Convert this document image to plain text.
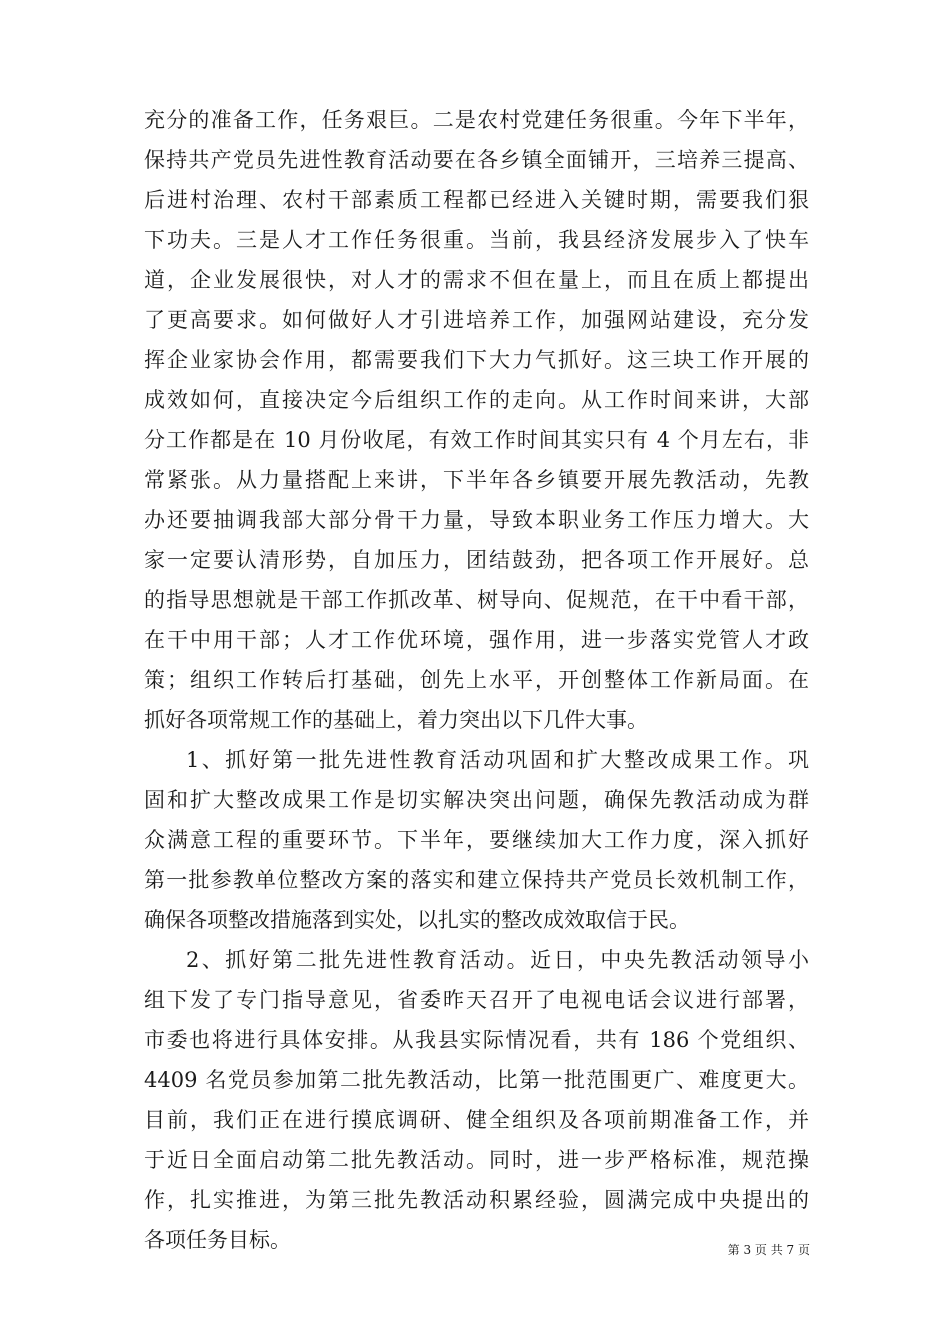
充分的准备工作，任务艰巨。二是农村党建任务很重。今年下半年，
保持共产党员先进性教育活动要在各乡镇全面铺开，三培养三提高、
后进村治理、农村干部素质工程都已经进入关键时期，需要我们狠
下功夫。三是人才工作任务很重。当前，我县经济发展步入了快车
道，企业发展很快，对人才的需求不但在量上，而且在质上都提出
了更高要求。如何做好人才引进培养工作，加强网站建设，充分发
挥企业家协会作用，都需要我们下大力气抓好。这三块工作开展的
成效如何，直接决定今后组织工作的走向。从工作时间来讲，大部
分工作都是在 10 月份收尾，有效工作时间其实只有 4 个月左右，非
常紧张。从力量搭配上来讲，下半年各乡镇要开展先教活动，先教
办还要抽调我部大部分骨干力量，导致本职业务工作压力增大。大
家一定要认清形势，自加压力，团结鼓劲，把各项工作开展好。总
的指导思想就是干部工作抓改革、树导向、促规范，在干中看干部，
在干中用干部；人才工作优环境，强作用，进一步落实党管人才政
策；组织工作转后打基础，创先上水平，开创整体工作新局面。在
抓好各项常规工作的基础上，着力突出以下几件大事。
1、抓好第一批先进性教育活动巩固和扩大整改成果工作。巩
固和扩大整改成果工作是切实解决突出问题，确保先教活动成为群
众满意工程的重要环节。下半年，要继续加大工作力度，深入抓好
第一批参教单位整改方案的落实和建立保持共产党员长效机制工作，
确保各项整改措施落到实处，以扎实的整改成效取信于民。
2、抓好第二批先进性教育活动。近日，中央先教活动领导小
组下发了专门指导意见，省委昨天召开了电视电话会议进行部署，
市委也将进行具体安排。从我县实际情况看，共有 186 个党组织、
4409 名党员参加第二批先教活动，比第一批范围更广、难度更大。
目前，我们正在进行摸底调研、健全组织及各项前期准备工作，并
于近日全面启动第二批先教活动。同时，进一步严格标准，规范操
作，扎实推进，为第三批先教活动积累经验，圆满完成中央提出的
各项任务目标。	第 3 页 共 7 页
